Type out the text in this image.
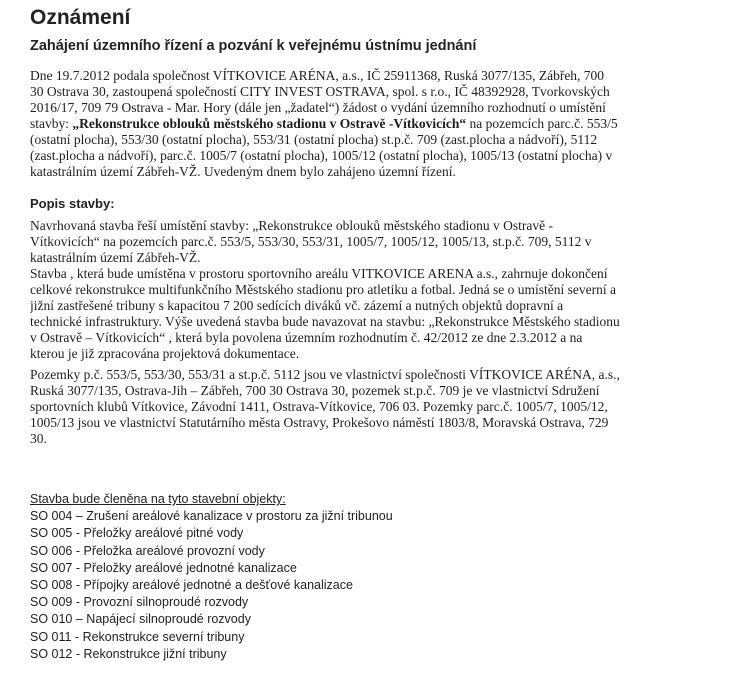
Oznámení
Zahájení územního řízení a pozvání k veřejnému ústnímu jednání
Dne 19.7.2012 podala společnost VÍTKOVICE ARÉNA, a.s., IČ 25911368, Ruská 3077/135, Zábřeh, 700
30 Ostrava 30, zastoupená společností CITY INVEST OSTRAVA, spol. s r.o., IČ 48392928, Tvorkovských
2016/17, 709 79 Ostrava - Mar. Hory (dále jen „žadatel“) žádost o vydání územního rozhodnutí o umístění
stavby: „Rekonstrukce oblouků městského stadionu v Ostravě -Vítkovicích“ na pozemcích parc.č. 553/5
(ostatní plocha), 553/30 (ostatní plocha), 553/31 (ostatní plocha) st.p.č. 709 (zast.plocha a nádvoří), 5112
(zast.plocha a nádvoří), parc.č. 1005/7 (ostatní plocha), 1005/12 (ostatní plocha), 1005/13 (ostatní plocha) v
katastrálním území Zábřeh-VŽ. Uvedeným dnem bylo zahájeno územní řízení.
Popis stavby:
Navrhovaná stavba řeší umístění stavby: „Rekonstrukce oblouků městského stadionu v Ostravě -
Vítkovicích“ na pozemcích parc.č. 553/5, 553/30, 553/31, 1005/7, 1005/12, 1005/13, st.p.č. 709, 5112 v
katastrálním území Zábřeh-VŽ.
Stavba , která bude umístěna v prostoru sportovního areálu VITKOVICE ARENA a.s., zahrnuje dokončení
celkové rekonstrukce multifunkčního Městského stadionu pro atletiku a fotbal. Jedná se o umístění severní a
jižní zastřešené tribuny s kapacitou 7 200 sedících diváků vč. zázemí a nutných objektů dopravní a
technické infrastruktury. Výše uvedená stavba bude navazovat na stavbu: „Rekonstrukce Městského stadionu
v Ostravě – Vítkovicích“ , která byla povolena územním rozhodnutím č. 42/2012 ze dne 2.3.2012 a na
kterou je již zpracována projektová dokumentace.
Pozemky p.č. 553/5, 553/30, 553/31 a st.p.č. 5112 jsou ve vlastnictví společnosti VÍTKOVICE ARÉNA, a.s.,
Ruská 3077/135, Ostrava-Jih – Zábřeh, 700 30 Ostrava 30, pozemek st.p.č. 709 je ve vlastnictví Sdružení
sportovních klubů Vítkovice, Závodní 1411, Ostrava-Vítkovice, 706 03. Pozemky parc.č. 1005/7, 1005/12,
1005/13 jsou ve vlastnictví Statutárního města Ostravy, Prokešovo náměstí 1803/8, Moravská Ostrava, 729
30.
Stavba bude členěna na tyto stavební objekty:
SO 004 – Zrušení areálové kanalizace v prostoru za jižní tribunou
SO 005 - Přeložky areálové pitné vody
SO 006 - Přeložka areálové provozní vody
SO 007 - Přeložky areálové jednotné kanalizace
SO 008 - Přípojky areálové jednotné a dešťové kanalizace
SO 009 - Provozní silnoproudé rozvody
SO 010 – Napájecí silnoproudé rozvody
SO 011 - Rekonstrukce severní tribuny
SO 012 - Rekonstrukce jižní tribuny
